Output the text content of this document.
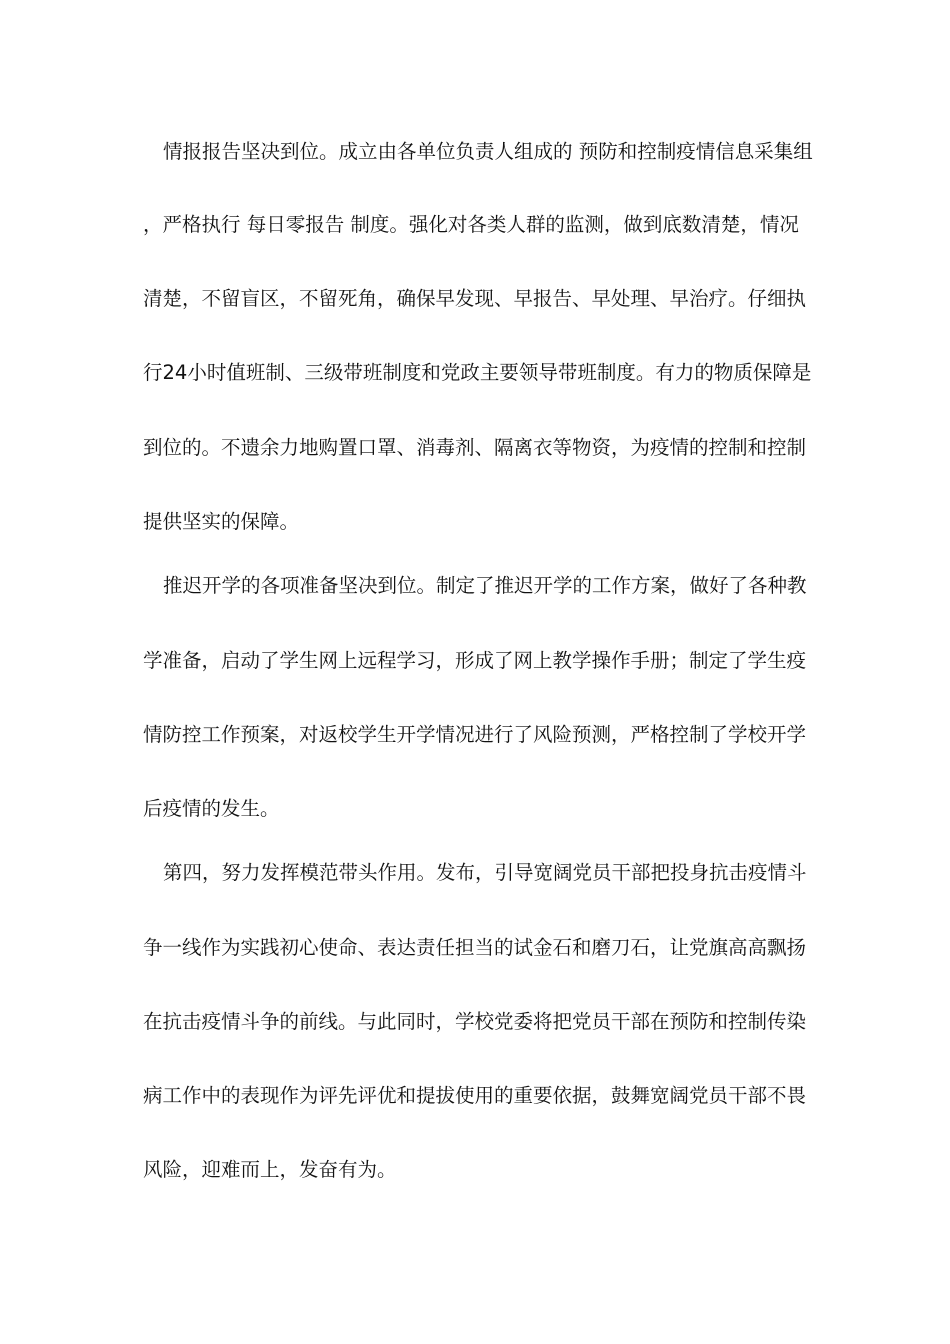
情报报告坚决到位。成立由各单位负责人组成的 预防和控制疫情信息采集组

，严格执行 每日零报告 制度。强化对各类人群的监测，做到底数清楚，情况

清楚，不留盲区，不留死角，确保早发现、早报告、早处理、早治疗。仔细执

行24小时值班制、三级带班制度和党政主要领导带班制度。有力的物质保障是

到位的。不遗余力地购置口罩、消毒剂、隔离衣等物资，为疫情的控制和控制

提供坚实的保障。

推迟开学的各项准备坚决到位。制定了推迟开学的工作方案，做好了各种教

学准备，启动了学生网上远程学习，形成了网上教学操作手册；制定了学生疫

情防控工作预案，对返校学生开学情况进行了风险预测，严格控制了学校开学

后疫情的发生。

第四，努力发挥模范带头作用。发布，引导宽阔党员干部把投身抗击疫情斗

争一线作为实践初心使命、表达责任担当的试金石和磨刀石，让党旗高高飘扬

在抗击疫情斗争的前线。与此同时，学校党委将把党员干部在预防和控制传染

病工作中的表现作为评先评优和提拔使用的重要依据，鼓舞宽阔党员干部不畏

风险，迎难而上，发奋有为。
